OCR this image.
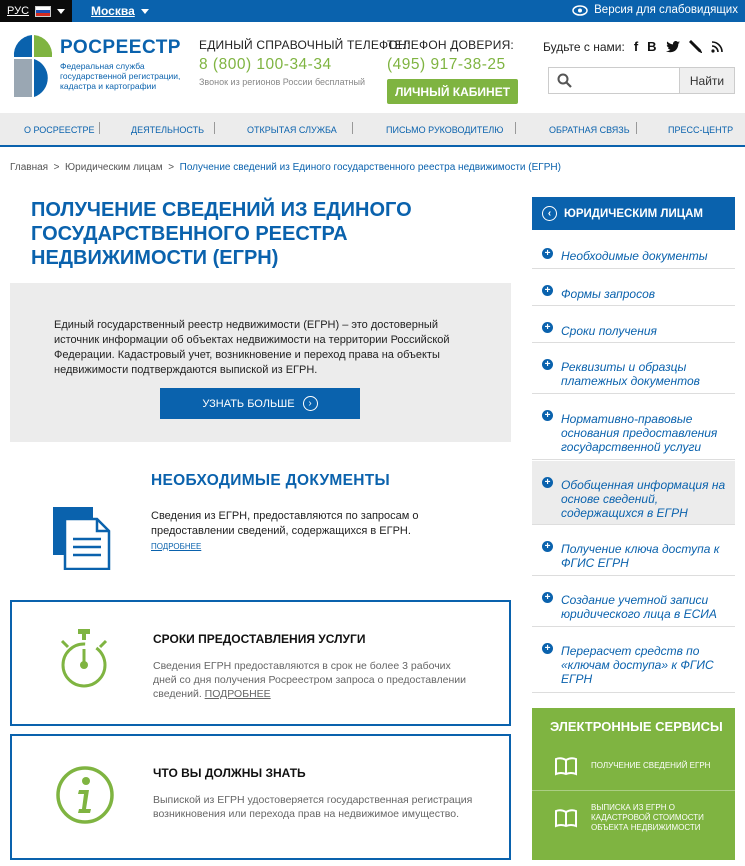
РУС	Москва	Версия для слабовидящих
РОСРЕЕСТР
Федеральная служба
государственной регистрации,
кадастра и картографии
ЕДИНЫЙ СПРАВОЧНЫЙ ТЕЛЕФОН:
8 (800) 100-34-34
Звонок из регионов России бесплатный
ТЕЛЕФОН ДОВЕРИЯ:
(495) 917-38-25
ЛИЧНЫЙ КАБИНЕТ
Будьте с нами: f B
Найти
О РОСРЕЕСТРЕ	ДЕЯТЕЛЬНОСТЬ	ОТКРЫТАЯ СЛУЖБА	ПИСЬМО РУКОВОДИТЕЛЮ	ОБРАТНАЯ СВЯЗЬ	ПРЕСС-ЦЕНТР
Главная > Юридическим лицам > Получение сведений из Единого государственного реестра недвижимости (ЕГРН)
ПОЛУЧЕНИЕ СВЕДЕНИЙ ИЗ ЕДИНОГО ГОСУДАРСТВЕННОГО РЕЕСТРА НЕДВИЖИМОСТИ (ЕГРН)

Единый государственный реестр недвижимости (ЕГРН) – это достоверный источник информации об объектах недвижимости на территории Российской Федерации. Кадастровый учет, возникновение и переход права на объекты недвижимости подтверждаются выпиской из ЕГРН.

УЗНАТЬ БОЛЬШЕ	›
НЕОБХОДИМЫЕ ДОКУМЕНТЫ

Сведения из ЕГРН, предоставляются по запросам о предоставлении сведений, содержащихся в ЕГРН. ПОДРОБНЕЕ

СРОКИ ПРЕДОСТАВЛЕНИЯ УСЛУГИ
Сведения ЕГРН предоставляются в срок не более 3 рабочих дней со дня получения Росреестром запроса о предоставлении сведений. ПОДРОБНЕЕ
ЧТО ВЫ ДОЛЖНЫ ЗНАТЬ
Выпиской из ЕГРН удостоверяется государственная регистрация возникновения или перехода прав на недвижимое имущество.
‹	ЮРИДИЧЕСКИМ ЛИЦАМ
+ Необходимые документы
+ Формы запросов
+ Сроки получения
+ Реквизиты и образцы платежных документов
+ Нормативно-правовые основания предоставления государственной услуги
+ Обобщенная информация на основе сведений, содержащихся в ЕГРН
+ Получение ключа доступа к ФГИС ЕГРН
+ Создание учетной записи юридического лица в ЕСИА
+ Перерасчет средств по «ключам доступа» к ФГИС ЕГРН
ЭЛЕКТРОННЫЕ СЕРВИСЫ
ПОЛУЧЕНИЕ СВЕДЕНИЙ ЕГРН
ВЫПИСКА ИЗ ЕГРН О КАДАСТРОВОЙ СТОИМОСТИ ОБЪЕКТА НЕДВИЖИМОСТИ
